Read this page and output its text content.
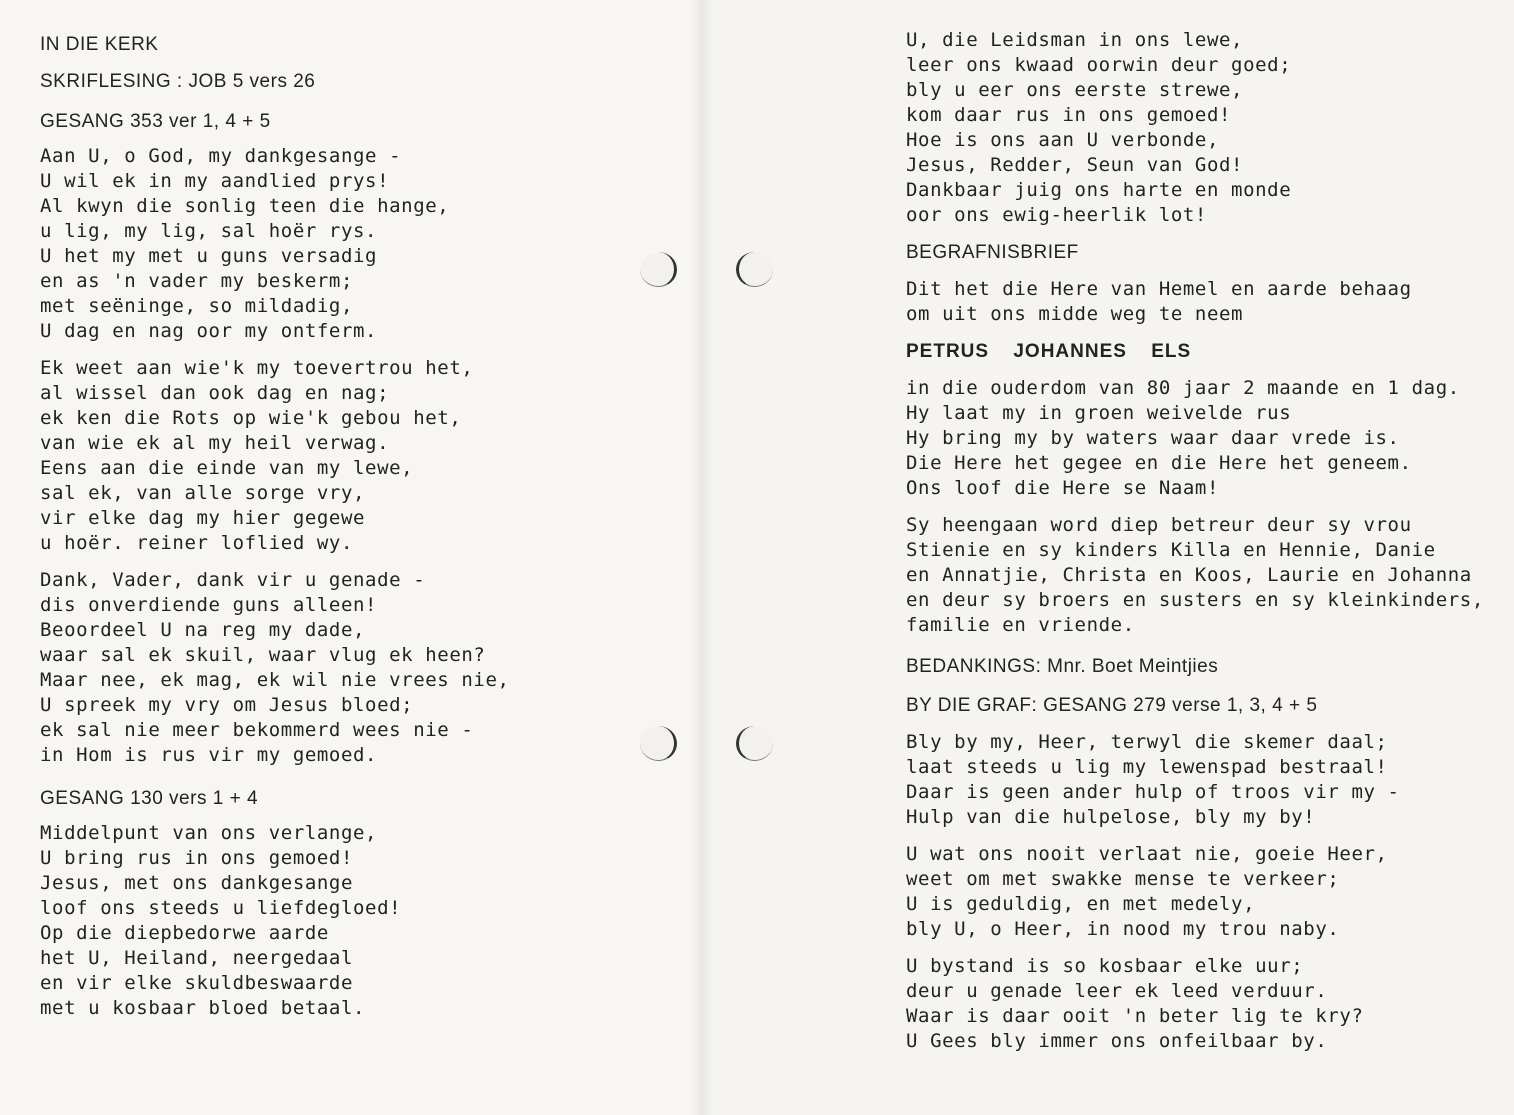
IN DIE KERK

SKRIFLESING : JOB 5 vers 26

GESANG 353 ver 1, 4 + 5

Aan U, o God, my dankgesange -

U wil ek in my aandlied prys!

Al kwyn die sonlig teen die hange,

u lig, my lig, sal hoër rys.

U het my met u guns versadig

en as 'n vader my beskerm;

met seëninge, so mildadig,

U dag en nag oor my ontferm.

Ek weet aan wie'k my toevertrou het,

al wissel dan ook dag en nag;

ek ken die Rots op wie'k gebou het,

van wie ek al my heil verwag.

Eens aan die einde van my lewe,

sal ek, van alle sorge vry,

vir elke dag my hier gegewe

u hoër. reiner loflied wy.

Dank, Vader, dank vir u genade -

dis onverdiende guns alleen!

Beoordeel U na reg my dade,

waar sal ek skuil, waar vlug ek heen?

Maar nee, ek mag, ek wil nie vrees nie,

U spreek my vry om Jesus bloed;

ek sal nie meer bekommerd wees nie -

in Hom is rus vir my gemoed.

GESANG 130 vers 1 + 4

Middelpunt van ons verlange,

U bring rus in ons gemoed!

Jesus, met ons dankgesange

loof ons steeds u liefdegloed!

Op die diepbedorwe aarde

het U, Heiland, neergedaal

en vir elke skuldbeswaarde

met u kosbaar bloed betaal.

U, die Leidsman in ons lewe,

leer ons kwaad oorwin deur goed;

bly u eer ons eerste strewe,

kom daar rus in ons gemoed!

Hoe is ons aan U verbonde,

Jesus, Redder, Seun van God!

Dankbaar juig ons harte en monde

oor ons ewig-heerlik lot!

BEGRAFNISBRIEF

Dit het die Here van Hemel en aarde behaag

om uit ons midde weg te neem

PETRUS JOHANNES ELS

in die ouderdom van 80 jaar 2 maande en 1 dag.

Hy laat my in groen weivelde rus

Hy bring my by waters waar daar vrede is.

Die Here het gegee en die Here het geneem.

Ons loof die Here se Naam!

Sy heengaan word diep betreur deur sy vrou

Stienie en sy kinders Killa en Hennie, Danie

en Annatjie, Christa en Koos, Laurie en Johanna

en deur sy broers en susters en sy kleinkinders,

familie en vriende.

BEDANKINGS: Mnr. Boet Meintjies

BY DIE GRAF: GESANG 279 verse 1, 3, 4 + 5

Bly by my, Heer, terwyl die skemer daal;

laat steeds u lig my lewenspad bestraal!

Daar is geen ander hulp of troos vir my -

Hulp van die hulpelose, bly my by!

U wat ons nooit verlaat nie, goeie Heer,

weet om met swakke mense te verkeer;

U is geduldig, en met medely,

bly U, o Heer, in nood my trou naby.

U bystand is so kosbaar elke uur;

deur u genade leer ek leed verduur.

Waar is daar ooit 'n beter lig te kry?

U Gees bly immer ons onfeilbaar by.
